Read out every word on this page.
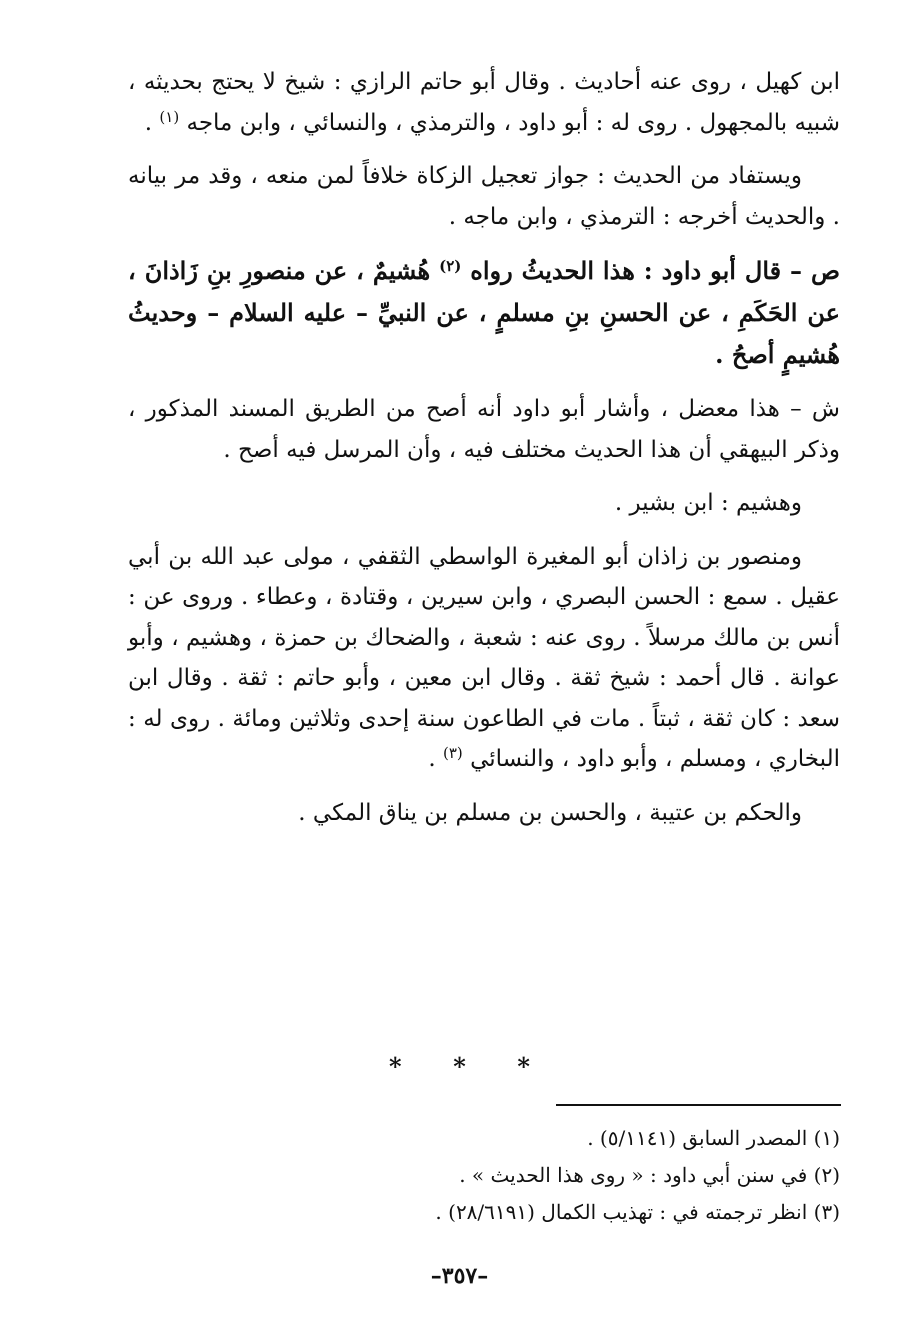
ابن كهيل ، روى عنه أحاديث . وقال أبو حاتم الرازي : شيخ لا يحتج بحديثه ، شبيه بالمجهول . روى له : أبو داود ، والترمذي ، والنسائي ، وابن ماجه $^{(١)}$ .

ويستفاد من الحديث : جواز تعجيل الزكاة خلافاً لمن منعه ، وقد مر بيانه . والحديث أخرجه : الترمذي ، وابن ماجه .

ص – قال أبو داود : هذا الحديثُ رواه $^{(٢)}$ هُشيمٌ ، عن منصورِ بنِ زَاذانَ ، عن الحَكَمِ ، عن الحسنِ بنِ مسلمٍ ، عن النبيِّ – عليه السلام – وحديثُ هُشيمٍ أصحُ .

ش – هذا معضل ، وأشار أبو داود أنه أصح من الطريق المسند المذكور ، وذكر البيهقي أن هذا الحديث مختلف فيه ، وأن المرسل فيه أصح .

وهشيم : ابن بشير .

ومنصور بن زاذان أبو المغيرة الواسطي الثقفي ، مولى عبد الله بن أبي عقيل . سمع : الحسن البصري ، وابن سيرين ، وقتادة ، وعطاء . وروى عن : أنس بن مالك مرسلاً . روى عنه : شعبة ، والضحاك بن حمزة ، وهشيم ، وأبو عوانة . قال أحمد : شيخ ثقة . وقال ابن معين ، وأبو حاتم : ثقة . وقال ابن سعد : كان ثقة ، ثبتاً . مات في الطاعون سنة إحدى وثلاثين ومائة . روى له : البخاري ، ومسلم ، وأبو داود ، والنسائي $^{(٣)}$ .

والحكم بن عتيبة ، والحسن بن مسلم بن يناق المكي .

* * *
(١) المصدر السابق (٥/١١٤١) .
(٢) في سنن أبي داود : « روى هذا الحديث » .
(٣) انظر ترجمته في : تهذيب الكمال (٢٨/٦١٩١) .
–٣٥٧–
